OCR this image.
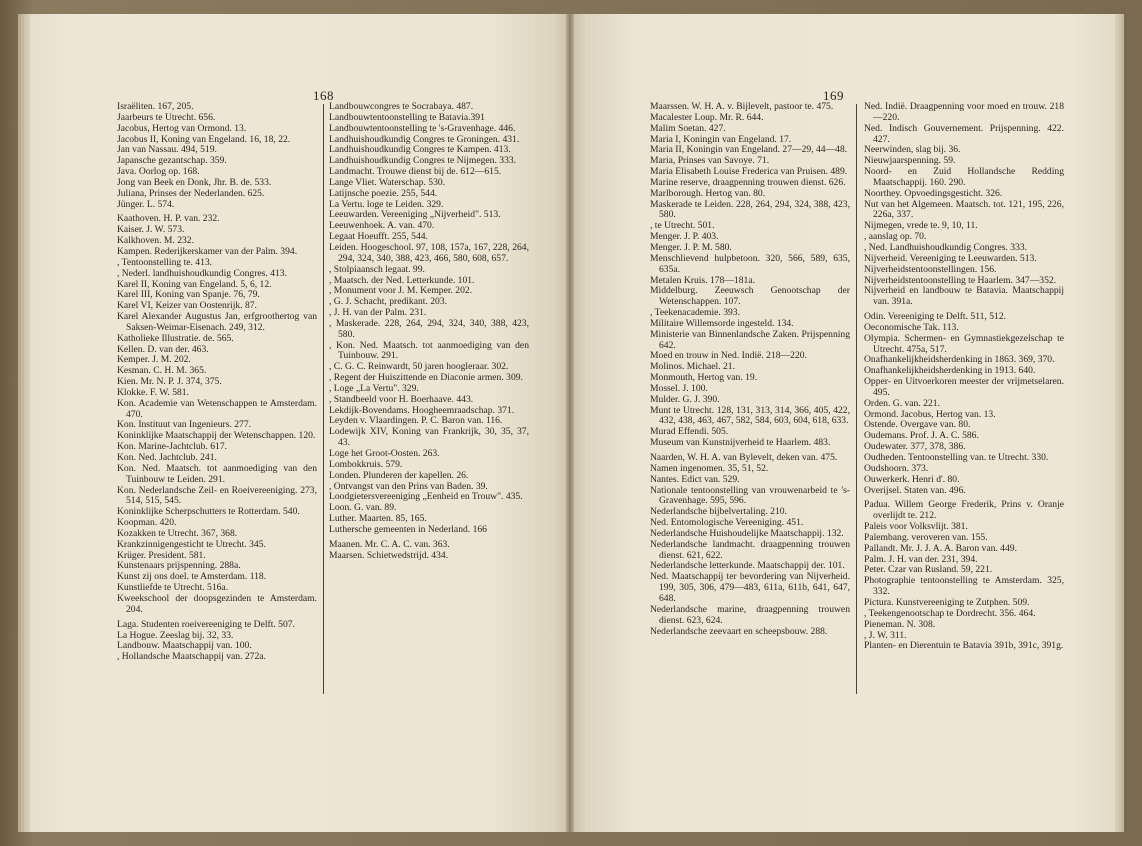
168	169
Israëliten. 167, 205.
Jaarbeurs te Utrecht. 656.
Jacobus, Hertog van Ormond. 13.
Jacobus II, Koning van Engeland. 16, 18, 22.
Jan van Nassau. 494, 519.
Japansche gezantschap. 359.
Java. Oorlog op. 168.
Jong van Beek en Donk, Jhr. B. de. 533.
Juliana, Prinses der Nederlanden. 625.
Jünger. L. 574.
Kaathoven. H. P. van. 232.
Kaiser. J. W. 573.
Kalkhoven. M. 232.
Kampen. Rederijkerskamer van der Palm. 394.
, Tentoonstelling te. 413.
, Nederl. landhuishoudkundig Congres. 413.
Karel II, Koning van Engeland. 5, 6, 12.
Karel III, Koning van Spanje. 76, 79.
Karel VI, Keizer van Oostenrijk. 87.
Karel Alexander Augustus Jan, erfgroothertog van Saksen-Weimar-Eisenach. 249, 312.
Katholieke Illustratie. de. 565.
Kellen. D. van der. 463.
Kemper. J. M. 202.
Kesman. C. H. M. 365.
Kien. Mr. N. P. J. 374, 375.
Klokke. F. W. 581.
Kon. Academie van Wetenschappen te Amsterdam. 470.
Kon. Instituut van Ingenieurs. 277.
Koninklijke Maatschappij der Wetenschappen. 120.
Kon. Marine-Jachtclub. 617.
Kon. Ned. Jachtclub. 241.
Kon. Ned. Maatsch. tot aanmoediging van den Tuinbouw te Leiden. 291.
Kon. Nederlandsche Zeil- en Roeivereeniging. 273, 514, 515, 545.
Koninklijke Scherpschutters te Rotterdam. 540.
Koopman. 420.
Kozakken te Utrecht. 367, 368.
Krankzinnigengesticht te Utrecht. 345.
Krüger. President. 581.
Kunstenaars prijspenning. 288a.
Kunst zij ons doel. te Amsterdam. 118.
Kunstliefde te Utrecht. 516a.
Kweekschool der doopsgezinden te Amsterdam. 204.
Laga. Studenten roeivereeniging te Delft. 507.
La Hogue. Zeeslag bij. 32, 33.
Landbouw. Maatschappij van. 100.
, Hollandsche Maatschappij van. 272a.
Landbouwcongres te Socrabaya. 487.
Landbouwtentoonstelling te Batavia.391
Landbouwtentoonstelling te 's-Gravenhage. 446.
Landhuishoudkundig Congres te Groningen. 431.
Landhuishoudkundig Congres te Kampen. 413.
Landhuishoudkundig Congres te Nijmegen. 333.
Landmacht. Trouwe dienst bij de. 612—615.
Lange Vliet. Waterschap. 530.
Latijnsche poezie. 255, 544.
La Vertu. loge te Leiden. 329.
Leeuwarden. Vereeniging „Nijverheid". 513.
Leeuwenhoek. A. van. 470.
Legaat Hoeufft. 255, 544.
Leiden. Hoogeschool. 97, 108, 157a, 167, 228, 264, 294, 324, 340, 388, 423, 466, 580, 608, 657.
, Stolpiaansch legaat. 99.
, Maatsch. der Ned. Letterkunde. 101.
, Monument voor J. M. Kemper. 202.
, G. J. Schacht, predikant. 203.
, J. H. van der Palm. 231.
, Maskerade. 228, 264, 294, 324, 340, 388, 423, 580.
, Kon. Ned. Maatsch. tot aanmoediging van den Tuinbouw. 291.
, C. G. C. Reinwardt, 50 jaren hoogleraar. 302.
, Regent der Huiszittende en Diaconie armen. 309.
, Loge „La Vertu". 329.
, Standbeeld voor H. Boerhaave. 443.
Lekdijk-Bovendams. Hoogheemraadschap. 371.
Leyden v. Vlaardingen. P. C. Baron van. 116.
Lodewijk XIV, Koning van Frankrijk, 30, 35, 37, 43.
Loge het Groot-Oosten. 263.
Lombokkruis. 579.
Londen. Plunderen der kapellen. 26.
, Ontvangst van den Prins van Baden. 39.
Loodgietersvereeniging „Eenheid en Trouw". 435.
Loon. G. van. 89.
Luther. Maarten. 85, 165.
Luthersche gemeenten in Nederland. 166
Maanen. Mr. C. A. C. van. 363.
Maarsen. Schietwedstrijd. 434.
Maarssen. W. H. A. v. Bijlevelt, pastoor te. 475.
Macalester Loup. Mr. R. 644.
Malim Soetan. 427.
Maria I, Koningin van Engeland. 17.
Maria II, Koningin van Engeland. 27—29, 44—48.
Maria, Prinses van Savoye. 71.
Maria Elisabeth Louise Frederica van Pruisen. 489.
Marine reserve, draagpenning trouwen dienst. 626.
Marlborough. Hertog van. 80.
Maskerade te Leiden. 228, 264, 294, 324, 388, 423, 580.
, te Utrecht. 501.
Menger. J. P. 403.
Menger. J. P. M. 580.
Menschlievend hulpbetoon. 320, 566, 589, 635, 635a.
Metalen Kruis. 178—181a.
Middelburg. Zeeuwsch Genootschap der Wetenschappen. 107.
, Teekenacademie. 393.
Militaire Willemsorde ingesteld. 134.
Ministerie van Binnenlandsche Zaken. Prijspenning 642.
Moed en trouw in Ned. Indië. 218—220.
Molinos. Michael. 21.
Monmouth, Hertog van. 19.
Mossel. J. 100.
Mulder. G. J. 390.
Munt te Utrecht. 128, 131, 313, 314, 366, 405, 422, 432, 438, 463, 467, 582, 584, 603, 604, 618, 633.
Murad Effendi. 505.
Museum van Kunstnijverheid te Haarlem. 483.
Naarden, W. H. A. van Bylevelt, deken van. 475.
Namen ingenomen. 35, 51, 52.
Nantes. Edict van. 529.
Nationale tentoonstelling van vrouwenarbeid te 's-Gravenhage. 595, 596.
Nederlandsche bijbelvertaling. 210.
Ned. Entomologische Vereeniging. 451.
Nederlandsche Huishoudelijke Maatschappij. 132.
Nederlandsche landmacht. draagpenning trouwen dienst. 621, 622.
Nederlandsche letterkunde. Maatschappij der. 101.
Ned. Maatschappij ter bevordering van Nijverheid. 199, 305, 306, 479—483, 611a, 611b, 641, 647, 648.
Nederlandsche marine, draagpenning trouwen dienst. 623, 624.
Nederlandsche zeevaart en scheepsbouw. 288.
Ned. Indië. Draagpenning voor moed en trouw. 218—220.
Ned. Indisch Gouvernement. Prijspenning. 422. 427.
Neerwinden, slag bij. 36.
Nieuwjaarspenning. 59.
Noord- en Zuid Hollandsche Redding Maatschappij. 160. 290.
Noorthey. Opvoedingsgesticht. 326.
Nut van het Algemeen. Maatsch. tot. 121, 195, 226, 226a, 337.
Nijmegen, vrede te. 9, 10, 11.
, aanslag op. 70.
, Ned. Landhuishoudkundig Congres. 333.
Nijverheid. Vereeniging te Leeuwarden. 513.
Nijverheidstentoonstellingen. 156.
Nijverheidstentoonstelling te Haarlem. 347—352.
Nijverheid en landbouw te Batavia. Maatschappij van. 391a.
Odin. Vereeniging te Delft. 511, 512.
Oeconomische Tak. 113.
Olympia. Schermen- en Gymnastiekgezelschap te Utrecht. 475a, 517.
Onafhankelijkheidsherdenking in 1863. 369, 370.
Onafhankelijkheidsherdenking in 1913. 640.
Opper- en Uitvoerkoren meester der vrijmetselaren. 495.
Orden. G. van. 221.
Ormond. Jacobus, Hertog van. 13.
Ostende. Overgave van. 80.
Oudemans. Prof. J. A. C. 586.
Oudewater. 377, 378, 386.
Oudheden. Tentoonstelling van. te Utrecht. 330.
Oudshoorn. 373.
Ouwerkerk. Henri d'. 80.
Overijsel. Staten van. 496.
Padua. Willem George Frederik, Prins v. Oranje overlijdt te. 212.
Paleis voor Volksvlijt. 381.
Palembang. veroveren van. 155.
Pallandt. Mr. J. J. A. A. Baron van. 449.
Palm. J. H. van der. 231, 394.
Peter. Czar van Rusland. 59, 221.
Photographie tentoonstelling te Amsterdam. 325, 332.
Pictura. Kunstvereeniging te Zutphen. 509.
, Teekengenootschap te Dordrecht. 356. 464.
Pieneman. N. 308.
, J. W. 311.
Planten- en Dierentuin te Batavia 391b, 391c, 391g.
